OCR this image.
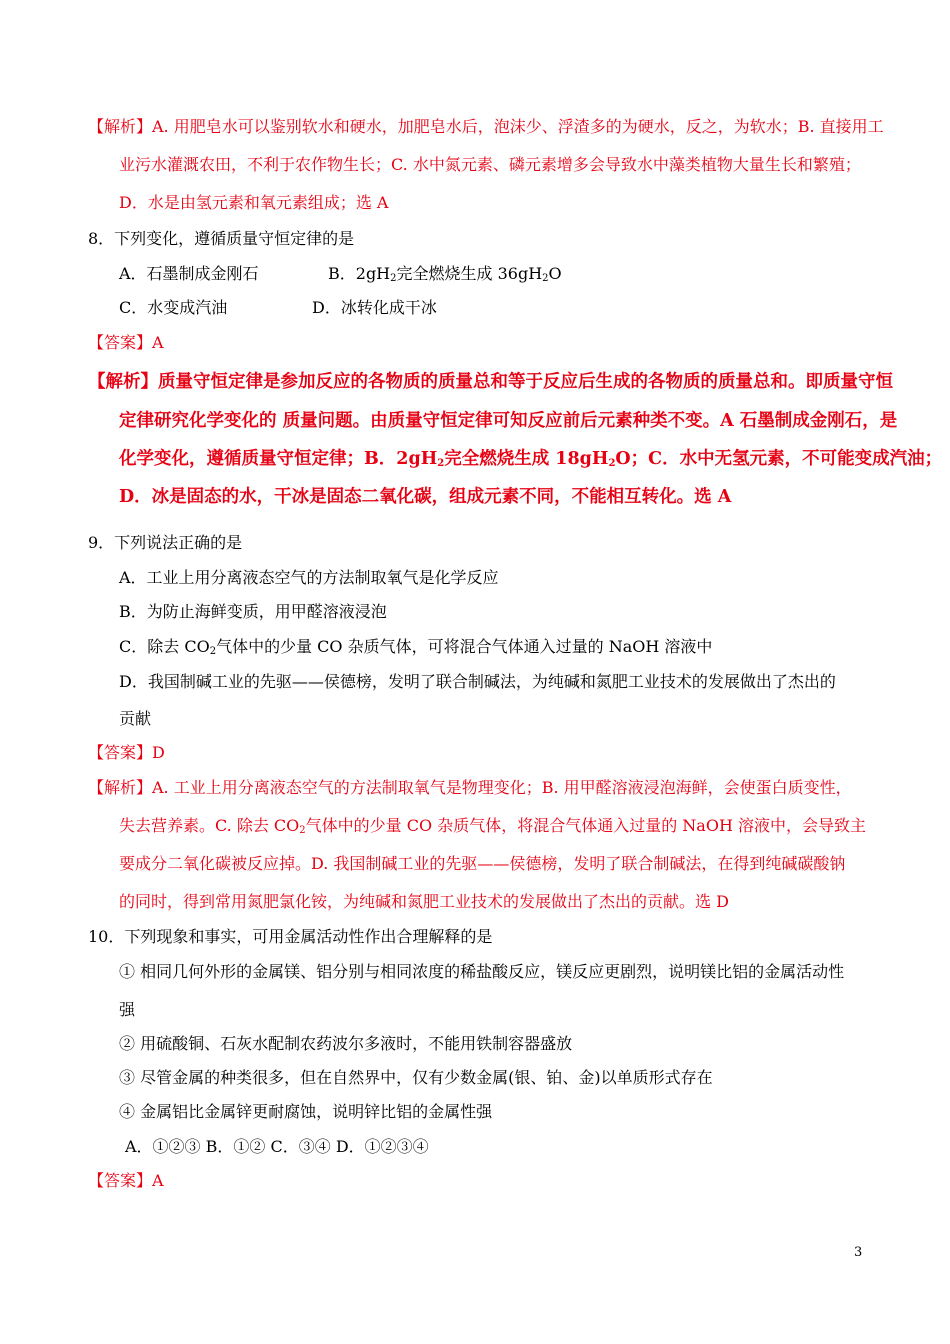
【解析】A. 用肥皂水可以鉴别软水和硬水，加肥皂水后，泡沫少、浮渣多的为硬水，反之，为软水；B. 直接用工
业污水灌溉农田，不利于农作物生长；C. 水中氮元素、磷元素增多会导致水中藻类植物大量生长和繁殖；
D．水是由氢元素和氧元素组成；选 A
8．下列变化，遵循质量守恒定律的是
A．石墨制成金刚石	B．$2gH_2$完全燃烧生成 $36gH_2O$
C．水变成汽油	D．冰转化成干冰
【答案】A
【解析】质量守恒定律是参加反应的各物质的质量总和等于反应后生成的各物质的质量总和。即质量守恒
定律研究化学变化的 质量问题。由质量守恒定律可知反应前后元素种类不变。A 石墨制成金刚石，是
化学变化，遵循质量守恒定律；B．$2gH_2$完全燃烧生成 $18gH_2O$；C．水中无氢元素，不可能变成汽油；
D．冰是固态的水，干冰是固态二氧化碳，组成元素不同，不能相互转化。选 A
9．下列说法正确的是
A．工业上用分离液态空气的方法制取氧气是化学反应
B．为防止海鲜变质，用甲醛溶液浸泡
C．除去 $CO_2$气体中的少量 CO 杂质气体，可将混合气体通入过量的 NaOH 溶液中
D．我国制碱工业的先驱——侯德榜，发明了联合制碱法，为纯碱和氮肥工业技术的发展做出了杰出的
贡献
【答案】D
【解析】A. 工业上用分离液态空气的方法制取氧气是物理变化；B. 用甲醛溶液浸泡海鲜，会使蛋白质变性，
失去营养素。C. 除去 $CO_2$气体中的少量 CO 杂质气体，将混合气体通入过量的 NaOH 溶液中，会导致主
要成分二氧化碳被反应掉。D. 我国制碱工业的先驱——侯德榜，发明了联合制碱法，在得到纯碱碳酸钠
的同时，得到常用氮肥氯化铵，为纯碱和氮肥工业技术的发展做出了杰出的贡献。选 D
10．下列现象和事实，可用金属活动性作出合理解释的是
① 相同几何外形的金属镁、铝分别与相同浓度的稀盐酸反应，镁反应更剧烈，说明镁比铝的金属活动性
强
② 用硫酸铜、石灰水配制农药波尔多液时，不能用铁制容器盛放
③ 尽管金属的种类很多，但在自然界中，仅有少数金属(银、铂、金)以单质形式存在
④ 金属铝比金属锌更耐腐蚀，说明锌比铝的金属性强
A．①②③ B．①② C．③④ D．①②③④
【答案】A
3
